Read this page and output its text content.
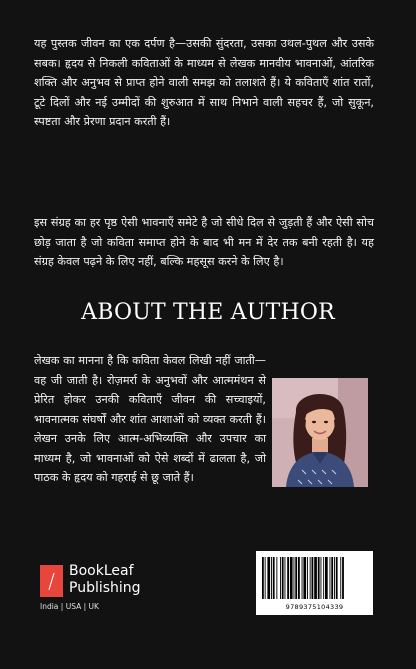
यह पुस्तक जीवन का एक दर्पण है—उसकी सुंदरता, उसका उथल-पुथल और उसके सबक। हृदय से निकली कविताओं के माध्यम से लेखक मानवीय भावनाओं, आंतरिक शक्ति और अनुभव से प्राप्त होने वाली समझ को तलाशते हैं। ये कविताएँ शांत रातों, टूटे दिलों और नई उम्मीदों की शुरुआत में साथ निभाने वाली सहचर हैं, जो सुकून, स्पष्टता और प्रेरणा प्रदान करती हैं।
इस संग्रह का हर पृष्ठ ऐसी भावनाएँ समेटे है जो सीधे दिल से जुड़ती हैं और ऐसी सोच छोड़ जाता है जो कविता समाप्त होने के बाद भी मन में देर तक बनी रहती है। यह संग्रह केवल पढ़ने के लिए नहीं, बल्कि महसूस करने के लिए है।
ABOUT THE AUTHOR
लेखक का मानना है कि कविता केवल लिखी नहीं जाती—वह जी जाती है। रोज़मर्रा के अनुभवों और आत्ममंथन से प्रेरित होकर उनकी कविताएँ जीवन की सच्चाइयों, भावनात्मक संघर्षों और शांत आशाओं को व्यक्त करती हैं। लेखन उनके लिए आत्म-अभिव्यक्ति और उपचार का माध्यम है, जो भावनाओं को ऐसे शब्दों में ढालता है, जो पाठक के हृदय को गहराई से छू जाते हैं।
/	BookLeaf
Publishing
India | USA | UK	9789375104339
